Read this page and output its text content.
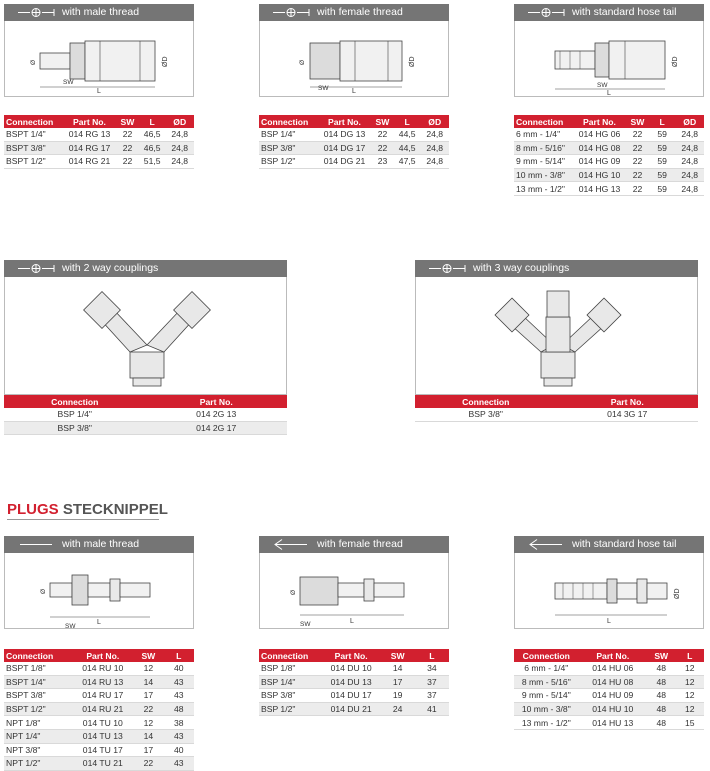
with male thread
L
SW
Ø	ØD
Connection	Part No.	SW	L	ØD
BSPT 1/4"	014 RG 13	22	46,5	24,8
BSPT 3/8"	014 RG 17	22	46,5	24,8
BSPT 1/2"	014 RG 21	22	51,5	24,8
with female thread
L
SW
Ø	ØD
Connection	Part No.	SW	L	ØD
BSP 1/4"	014 DG 13	22	44,5	24,8
BSP 3/8"	014 DG 17	22	44,5	24,8
BSP 1/2"	014 DG 21	23	47,5	24,8
with standard hose tail
L
SW
ØD
Connection	Part No.	SW	L	ØD
6 mm - 1/4"	014 HG 06	22	59	24,8
8 mm - 5/16"	014 HG 08	22	59	24,8
9 mm - 5/14"	014 HG 09	22	59	24,8
10 mm - 3/8"	014 HG 10	22	59	24,8
13 mm - 1/2"	014 HG 13	22	59	24,8
with 2 way couplings
Connection	Part No.
BSP 1/4"	014 2G 13
BSP 3/8"	014 2G 17
with 3 way couplings
Connection	Part No.
BSP 3/8"	014 3G 17
PLUGS STECKNIPPEL
with male thread
L
SW
Ø
Connection	Part No.	SW	L
BSPT 1/8"	014 RU 10	12	40
BSPT 1/4"	014 RU 13	14	43
BSPT 3/8"	014 RU 17	17	43
BSPT 1/2"	014 RU 21	22	48
NPT 1/8"	014 TU 10	12	38
NPT 1/4"	014 TU 13	14	43
NPT 3/8"	014 TU 17	17	40
NPT 1/2"	014 TU 21	22	43
with female thread
L
SW
Ø
Connection	Part No.	SW	L
BSP 1/8"	014 DU 10	14	34
BSP 1/4"	014 DU 13	17	37
BSP 3/8"	014 DU 17	19	37
BSP 1/2"	014 DU 21	24	41
with standard hose tail
L
ØD
Connection	Part No.	SW	L
6 mm - 1/4"	014 HU 06	48	12
8 mm - 5/16"	014 HU 08	48	12
9 mm - 5/14"	014 HU 09	48	12
10 mm - 3/8"	014 HU 10	48	12
13 mm - 1/2"	014 HU 13	48	15
